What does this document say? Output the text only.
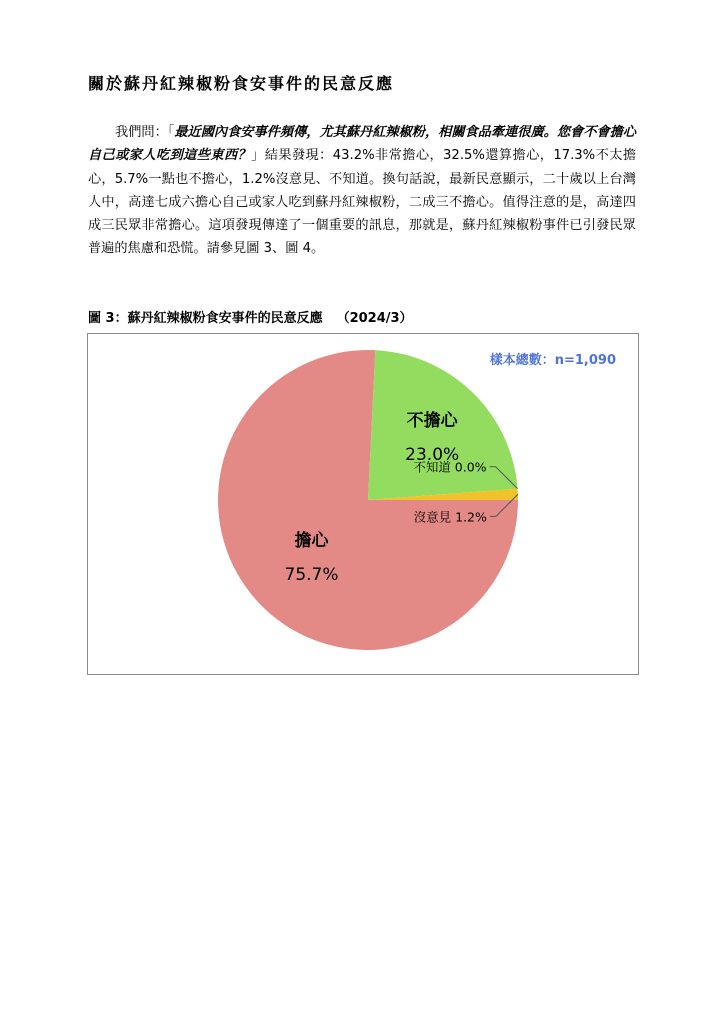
關於蘇丹紅辣椒粉食安事件的民意反應
我們問：「最近國內食安事件頻傳，尤其蘇丹紅辣椒粉，相關食品牽連很廣。您會不會擔心自己或家人吃到這些東西？」結果發現：43.2%非常擔心，32.5%還算擔心，17.3%不太擔心，5.7%一點也不擔心，1.2%沒意見、不知道。換句話說，最新民意顯示，二十歲以上台灣人中，高達七成六擔心自己或家人吃到蘇丹紅辣椒粉，二成三不擔心。值得注意的是，高達四成三民眾非常擔心。這項發現傳達了一個重要的訊息，那就是，蘇丹紅辣椒粉事件已引發民眾普遍的焦慮和恐慌。請參見圖 3、圖 4。
圖 3：蘇丹紅辣椒粉食安事件的民意反應 （2024/3）
樣本總數：n=1,090
擔心
75.7%
不擔心
23.0%
不知道 0.0%
沒意見 1.2%
